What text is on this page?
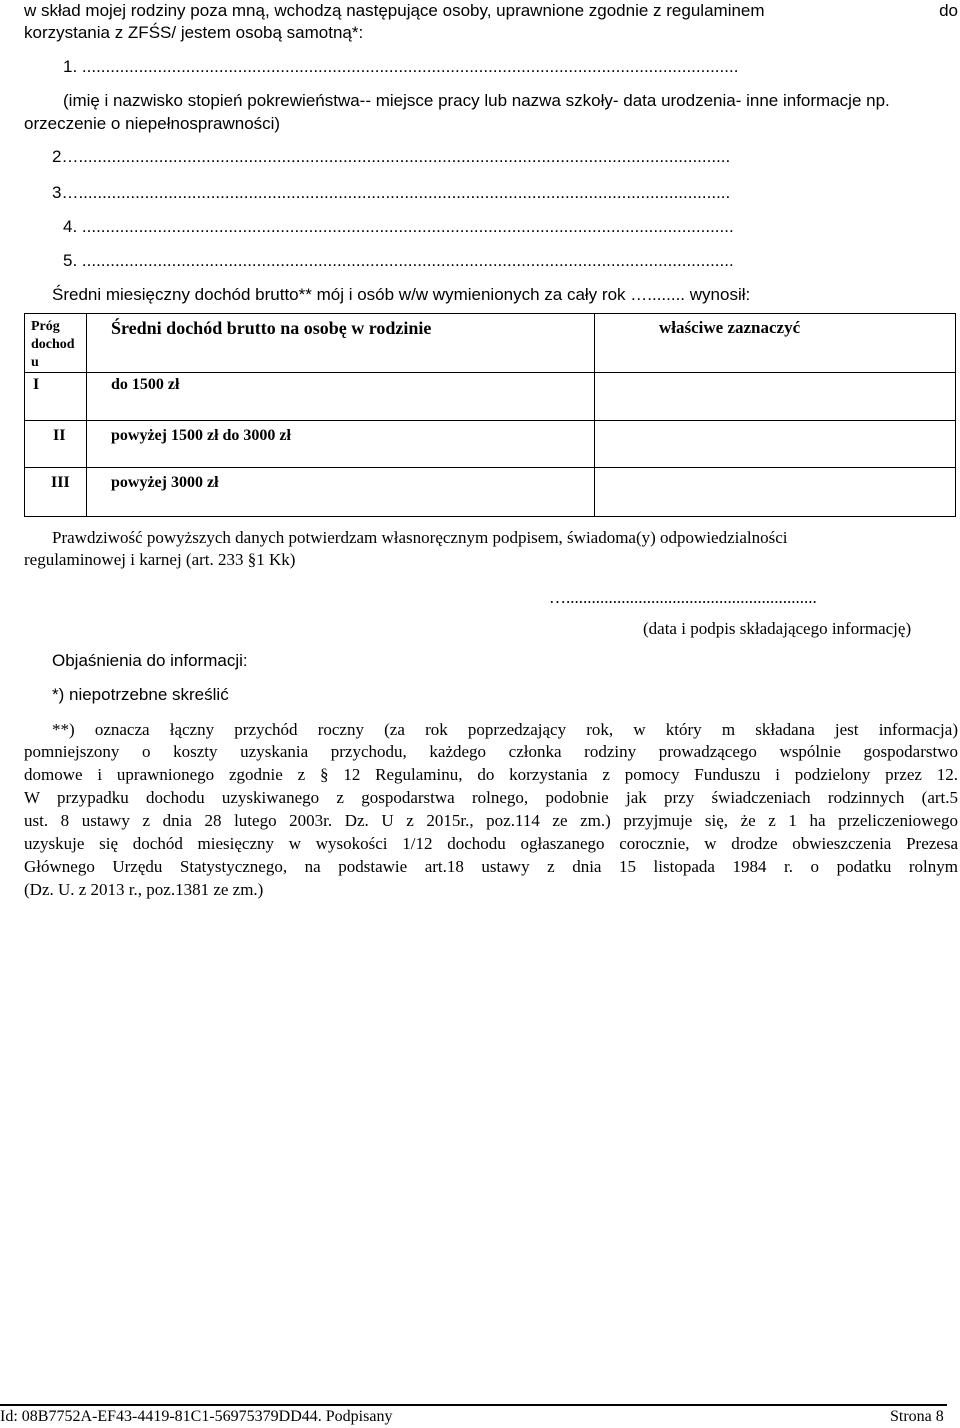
w skład mojej rodziny poza mną, wchodzą następujące osoby, uprawnione zgodnie z regulaminem	do
korzystania z ZFŚS/ jestem osobą samotną*:
1. ...........................................................................................................................................
(imię i nazwisko stopień pokrewieństwa-- miejsce pracy lub nazwa szkoły- data urodzenia- inne informacje np.
orzeczenie o niepełnosprawności)
2…..........................................................................................................................................
3…..........................................................................................................................................
4. ..........................................................................................................................................
5. ..........................................................................................................................................
Średni miesięczny dochód brutto** mój i osób w/w wymienionych za cały rok …........ wynosił:
Próg
dochod
u	Średni dochód brutto na osobę w rodzinie	właściwe zaznaczyć
I	do 1500 zł	
II	powyżej 1500 zł do 3000 zł	
III	powyżej 3000 zł	
Prawdziwość powyższych danych potwierdzam własnoręcznym podpisem, świadoma(y) odpowiedzialności
regulaminowej i karnej (art. 233 §1 Kk)
…...........................................................
(data i podpis składającego informację)
Objaśnienia do informacji:
*) niepotrzebne skreślić
**) oznacza łączny przychód roczny (za rok poprzedzający rok, w który m składana jest informacja)
pomniejszony o koszty uzyskania przychodu, każdego członka rodziny prowadzącego wspólnie gospodarstwo
domowe i uprawnionego zgodnie z § 12 Regulaminu, do korzystania z pomocy Funduszu i podzielony przez 12.
W przypadku dochodu uzyskiwanego z gospodarstwa rolnego, podobnie jak przy świadczeniach rodzinnych (art.5
ust. 8 ustawy z dnia 28 lutego 2003r. Dz. U z 2015r., poz.114 ze zm.) przyjmuje się, że z 1 ha przeliczeniowego
uzyskuje się dochód miesięczny w wysokości 1/12 dochodu ogłaszanego corocznie, w drodze obwieszczenia Prezesa
Głównego Urzędu Statystycznego, na podstawie art.18 ustawy z dnia 15 listopada 1984 r. o podatku rolnym
(Dz. U. z 2013 r., poz.1381 ze zm.)
Id: 08B7752A-EF43-4419-81C1-56975379DD44. Podpisany	Strona 8
